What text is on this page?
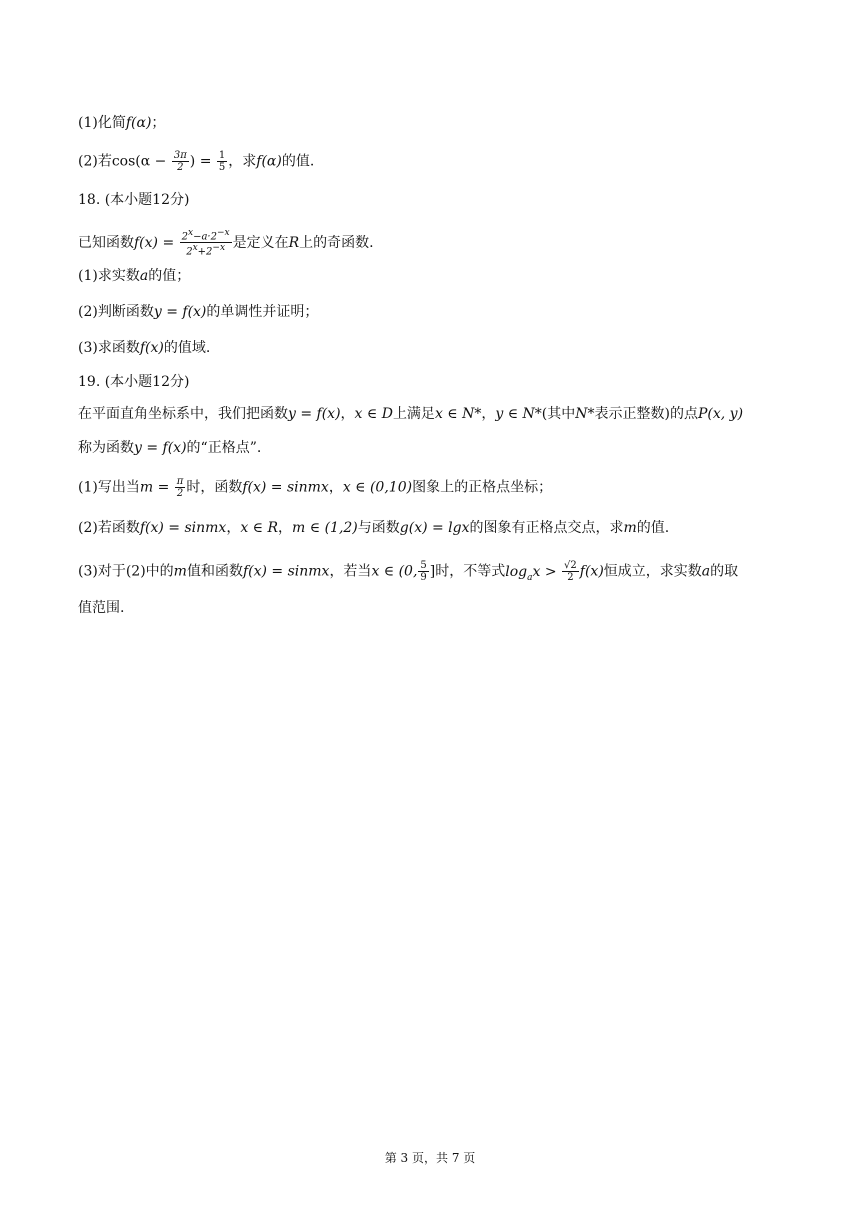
(1)化简f(α)；
(2)若$\cos(\alpha - \frac{3\pi}{2}$ ) = $\frac{1}{5}$ ，求f(α)的值.
18. (本小题12分)
已知函数$f(x) = \frac{2^x-a\cdot 2^{-x}}{2^x+2^{-x}}$ 是定义在R上的奇函数.
(1)求实数a的值；
(2)判断函数y = f(x)的单调性并证明；
(3)求函数f(x)的值域.
19. (本小题12分)
在平面直角坐标系中，我们把函数y = f(x)，x ∈ D上满足x ∈ N*，y ∈ N*(其中N*表示正整数)的点P(x, y)
称为函数y = f(x)的“正格点”.
(1)写出当$m = \frac{\pi}{2}$ 时，函数f(x) = sinmx，x ∈ (0,10)图象上的正格点坐标；
(2)若函数f(x) = sinmx，x ∈ R，m ∈ (1,2)与函数g(x) = lgx的图象有正格点交点，求m的值.
(3)对于(2)中的m值和函数f(x) = sinmx，若当x ∈ (0, $\frac{5}{9}$ ]时，不等式$\log_ax > \frac{√2}{2} f(x)$恒成立，求实数a的取
值范围.
第 3 页，共 7 页
